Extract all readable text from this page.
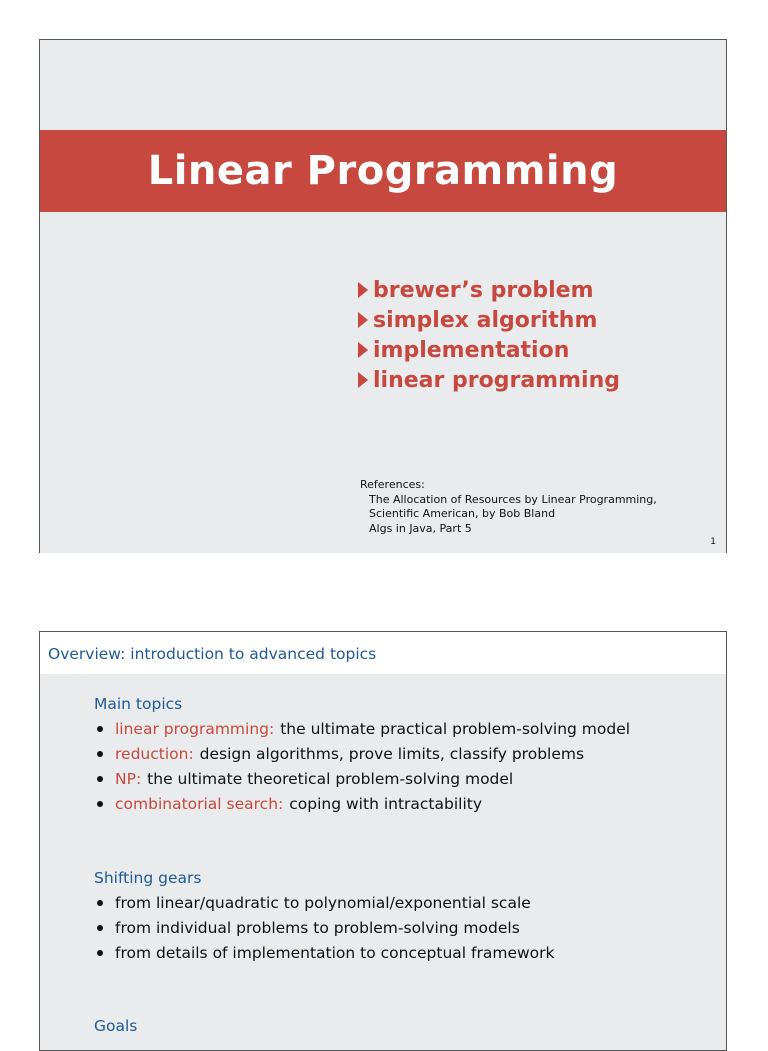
Linear Programming
brewer’s problem
simplex algorithm
implementation
linear programming
References:
The Allocation of Resources by Linear Programming,
Scientific American, by Bob Bland
Algs in Java, Part 5
1
Overview: introduction to advanced topics
Main topics
linear programming: the ultimate practical problem-solving model
reduction: design algorithms, prove limits, classify problems
NP: the ultimate theoretical problem-solving model
combinatorial search: coping with intractability
Shifting gears
from linear/quadratic to polynomial/exponential scale
from individual problems to problem-solving models
from details of implementation to conceptual framework
Goals
